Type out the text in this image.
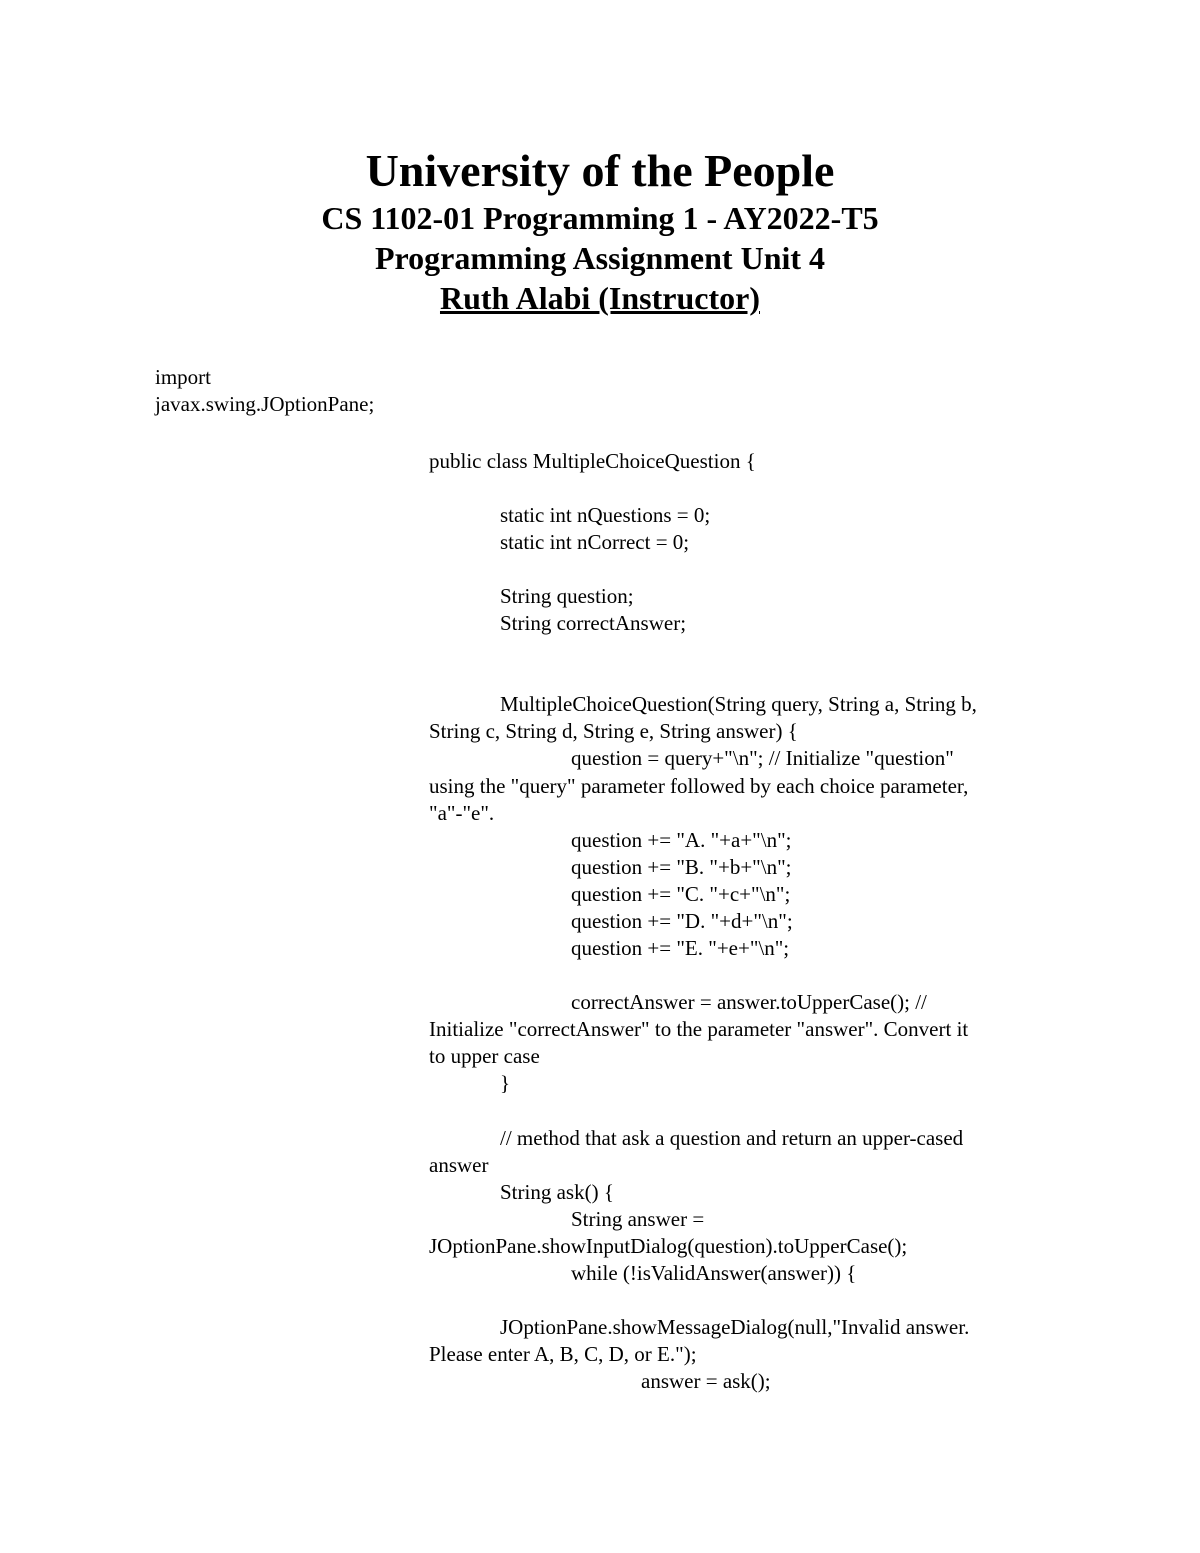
University of the People
CS 1102-01 Programming 1 - AY2022-T5
Programming Assignment Unit 4
Ruth Alabi (Instructor)
import
javax.swing.JOptionPane;
public class MultipleChoiceQuestion {
static int nQuestions = 0;
static int nCorrect = 0;
String question;
String correctAnswer;
MultipleChoiceQuestion(String query, String a, String b,
String c, String d, String e, String answer) {
question = query+"\n"; // Initialize "question"
using the "query" parameter followed by each choice parameter,
"a"-"e".
question += "A. "+a+"\n";
question += "B. "+b+"\n";
question += "C. "+c+"\n";
question += "D. "+d+"\n";
question += "E. "+e+"\n";
correctAnswer = answer.toUpperCase(); //
Initialize "correctAnswer" to the parameter "answer". Convert it
to upper case
}
// method that ask a question and return an upper-cased
answer
String ask() {
String answer =
JOptionPane.showInputDialog(question).toUpperCase();
while (!isValidAnswer(answer)) {
JOptionPane.showMessageDialog(null,"Invalid answer.
Please enter A, B, C, D, or E.");
answer = ask();
